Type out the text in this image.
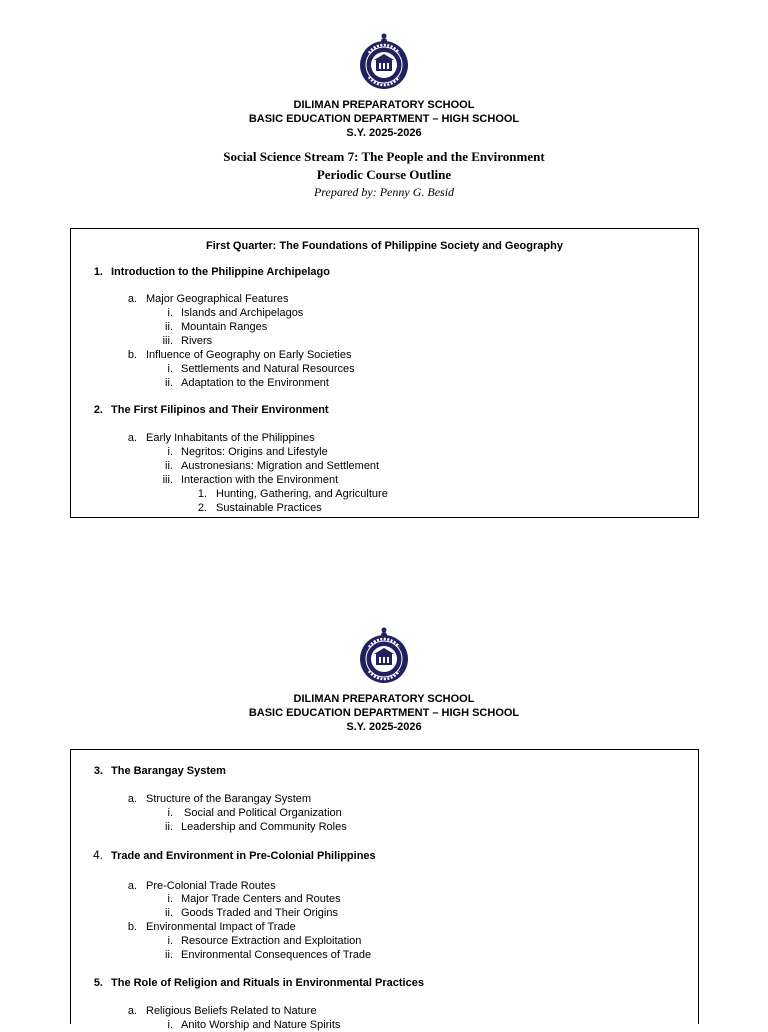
DILIMAN PREPARATORY SCHOOL
BASIC EDUCATION DEPARTMENT – HIGH SCHOOL
S.Y. 2025-2026
Social Science Stream 7: The People and the Environment
Periodic Course Outline
Prepared by: Penny G. Besid
First Quarter: The Foundations of Philippine Society and Geography
1. Introduction to the Philippine Archipelago
a. Major Geographical Features
i. Islands and Archipelagos
ii. Mountain Ranges
iii. Rivers
b. Influence of Geography on Early Societies
i. Settlements and Natural Resources
ii. Adaptation to the Environment
2. The First Filipinos and Their Environment
a. Early Inhabitants of the Philippines
i. Negritos: Origins and Lifestyle
ii. Austronesians: Migration and Settlement
iii. Interaction with the Environment
1. Hunting, Gathering, and Agriculture
2. Sustainable Practices
DILIMAN PREPARATORY SCHOOL
BASIC EDUCATION DEPARTMENT – HIGH SCHOOL
S.Y. 2025-2026
3. The Barangay System
a. Structure of the Barangay System
i. Social and Political Organization
ii. Leadership and Community Roles
4. Trade and Environment in Pre-Colonial Philippines
a. Pre-Colonial Trade Routes
i. Major Trade Centers and Routes
ii. Goods Traded and Their Origins
b. Environmental Impact of Trade
i. Resource Extraction and Exploitation
ii. Environmental Consequences of Trade
5. The Role of Religion and Rituals in Environmental Practices
a. Religious Beliefs Related to Nature
i. Anito Worship and Nature Spirits
